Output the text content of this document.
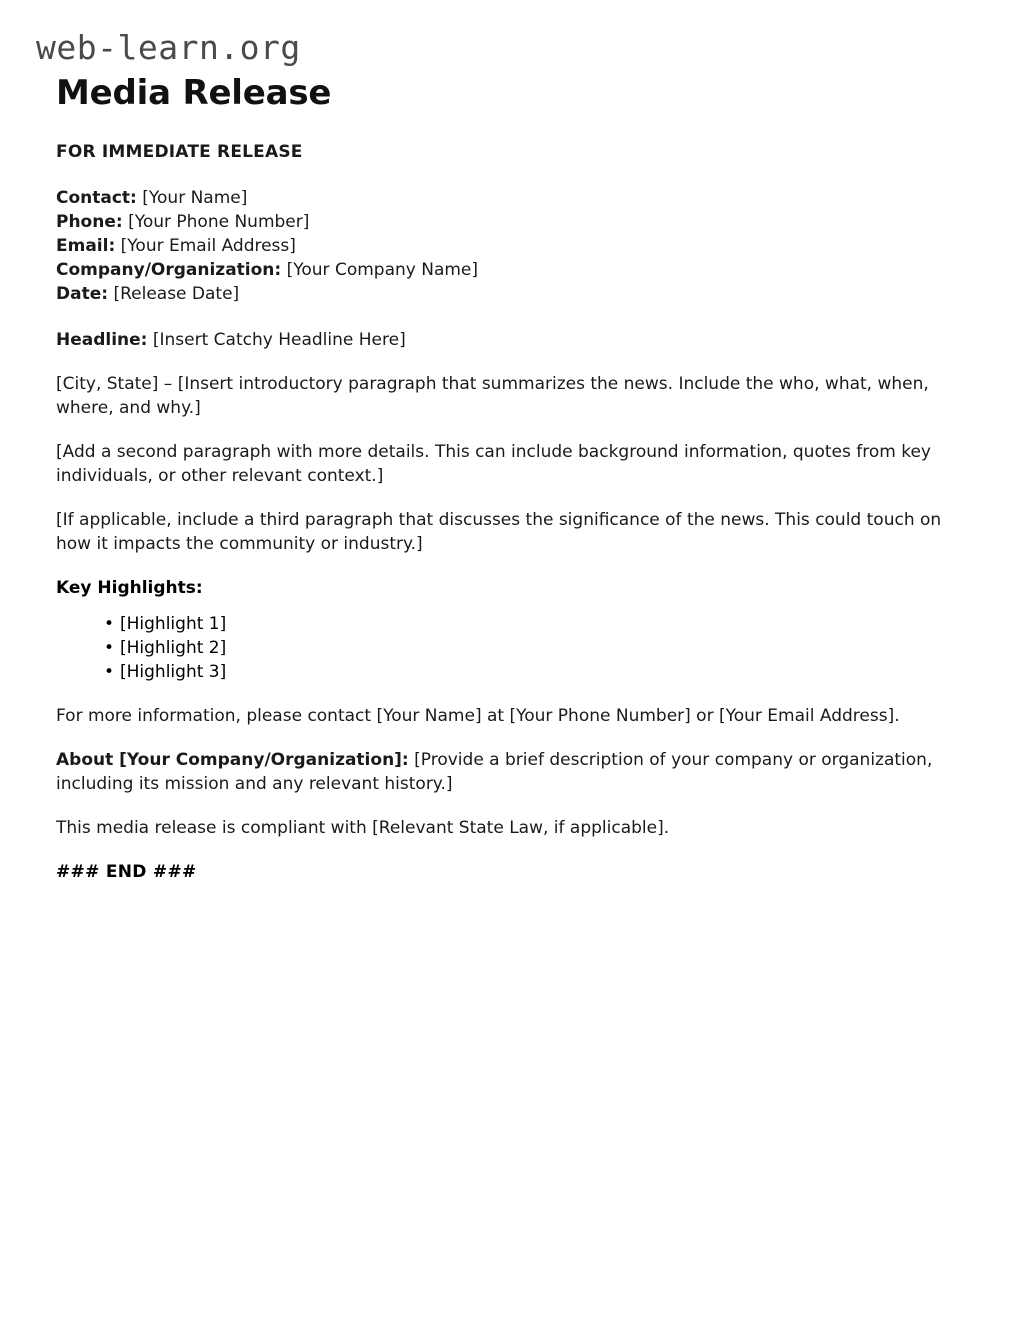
web-learn.org
Media Release

FOR IMMEDIATE RELEASE

Contact: [Your Name]
Phone: [Your Phone Number]
Email: [Your Email Address]
Company/Organization: [Your Company Name]
Date: [Release Date]

Headline: [Insert Catchy Headline Here]

[City, State] – [Insert introductory paragraph that summarizes the news. Include the who, what, when, where, and why.]

[Add a second paragraph with more details. This can include background information, quotes from key individuals, or other relevant context.]

[If applicable, include a third paragraph that discusses the significance of the news. This could touch on how it impacts the community or industry.]

Key Highlights:

• [Highlight 1]
• [Highlight 2]
• [Highlight 3]

For more information, please contact [Your Name] at [Your Phone Number] or [Your Email Address].

About [Your Company/Organization]: [Provide a brief description of your company or organization, including its mission and any relevant history.]

This media release is compliant with [Relevant State Law, if applicable].

### END ###
